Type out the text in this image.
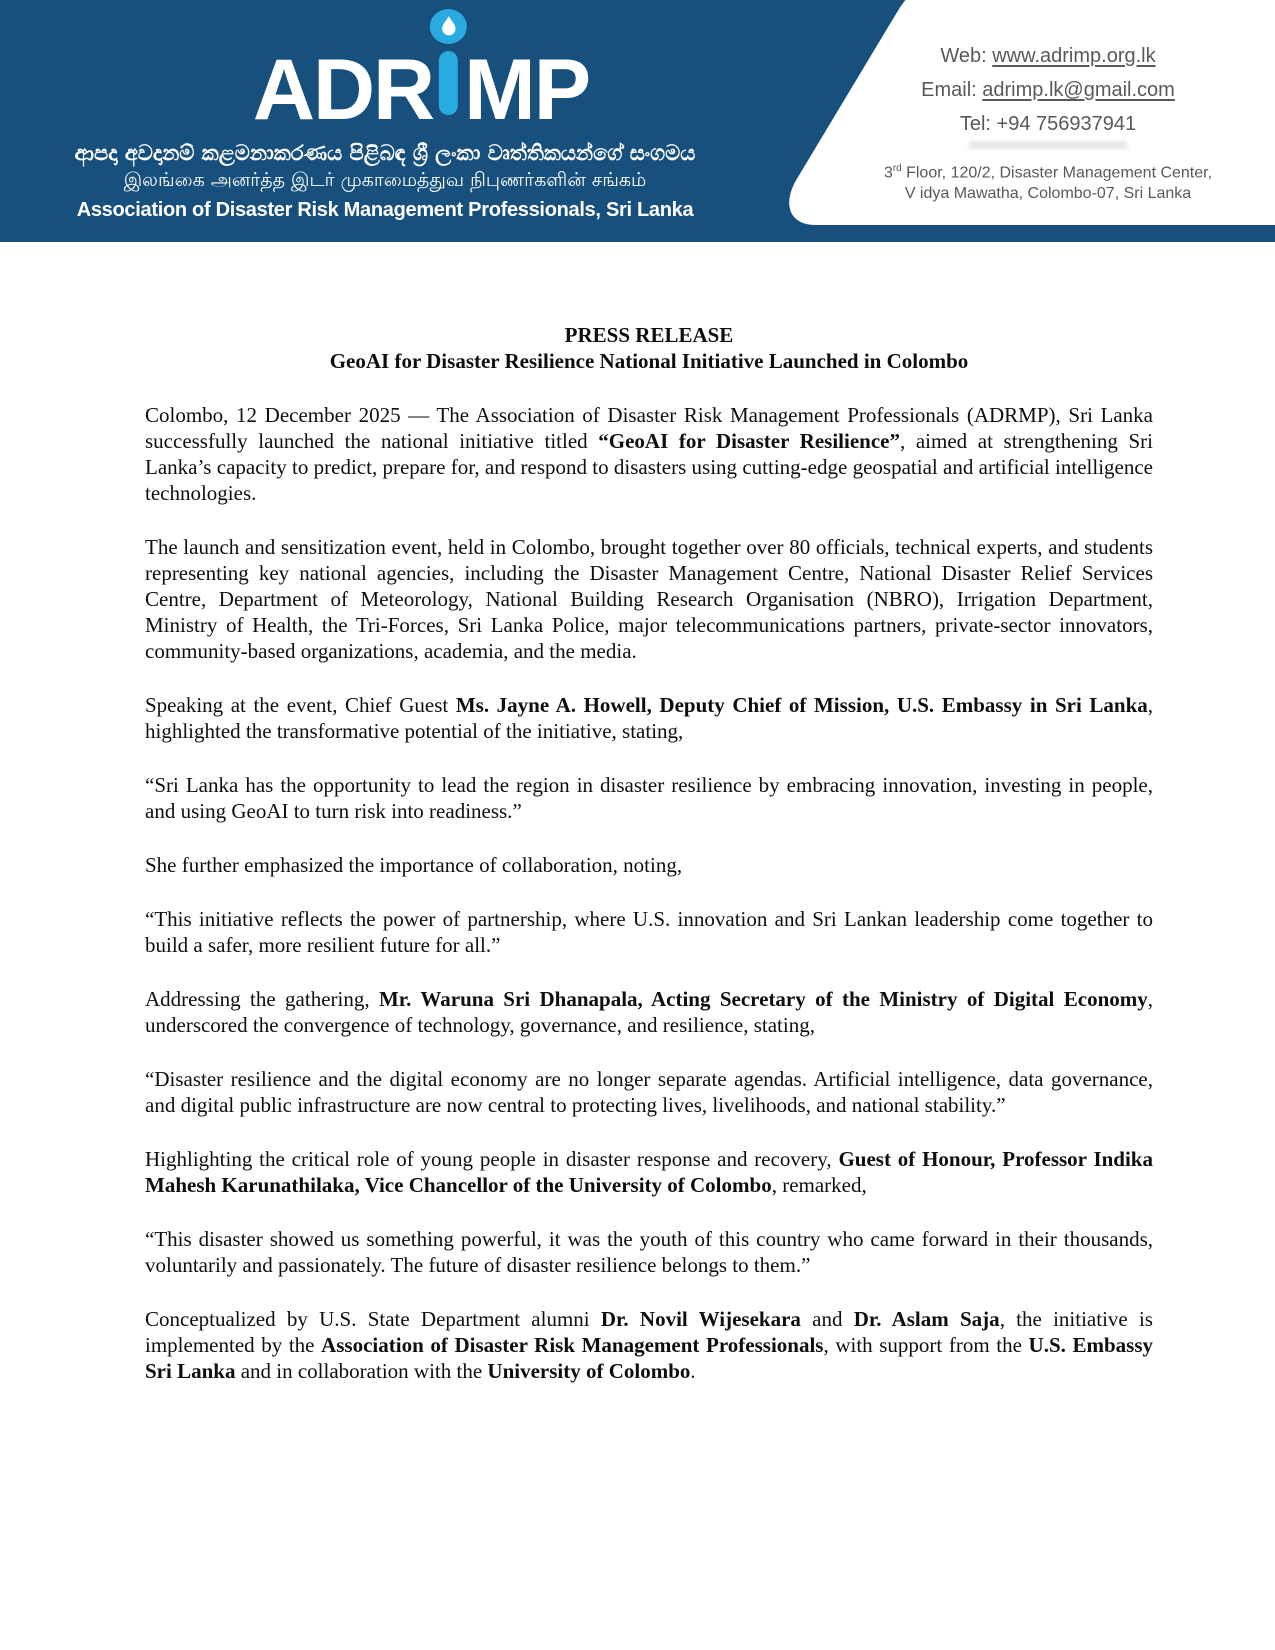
AD R MP
ආපදා අවදානම් කළමනාකරණය පිළිබඳ ශ්‍රී ලංකා වෘත්තිකයන්ගේ සංගමය
இலங்கை அனர்த்த இடர் முகாமைத்துவ நிபுணர்களின் சங்கம்
Association of Disaster Risk Management Professionals, Sri Lanka
Web: www.adrimp.org.lk
Email: adrimp.lk@gmail.com
Tel: +94 756937941
3rd Floor, 120/2, Disaster Management Center,
V idya Mawatha, Colombo-07, Sri Lanka
PRESS RELEASE
GeoAI for Disaster Resilience National Initiative Launched in Colombo

Colombo, 12 December 2025 — The Association of Disaster Risk Management Professionals (ADRMP), Sri Lanka successfully launched the national initiative titled “GeoAI for Disaster Resilience”, aimed at strengthening Sri Lanka’s capacity to predict, prepare for, and respond to disasters using cutting-edge geospatial and artificial intelligence technologies.

The launch and sensitization event, held in Colombo, brought together over 80 officials, technical experts, and students representing key national agencies, including the Disaster Management Centre, National Disaster Relief Services Centre, Department of Meteorology, National Building Research Organisation (NBRO), Irrigation Department, Ministry of Health, the Tri-Forces, Sri Lanka Police, major telecommunications partners, private-sector innovators, community-based organizations, academia, and the media.

Speaking at the event, Chief Guest Ms. Jayne A. Howell, Deputy Chief of Mission, U.S. Embassy in Sri Lanka, highlighted the transformative potential of the initiative, stating,

“Sri Lanka has the opportunity to lead the region in disaster resilience by embracing innovation, investing in people, and using GeoAI to turn risk into readiness.”

She further emphasized the importance of collaboration, noting,

“This initiative reflects the power of partnership, where U.S. innovation and Sri Lankan leadership come together to build a safer, more resilient future for all.”

Addressing the gathering, Mr. Waruna Sri Dhanapala, Acting Secretary of the Ministry of Digital Economy, underscored the convergence of technology, governance, and resilience, stating,

“Disaster resilience and the digital economy are no longer separate agendas. Artificial intelligence, data governance, and digital public infrastructure are now central to protecting lives, livelihoods, and national stability.”

Highlighting the critical role of young people in disaster response and recovery, Guest of Honour, Professor Indika Mahesh Karunathilaka, Vice Chancellor of the University of Colombo, remarked,

“This disaster showed us something powerful, it was the youth of this country who came forward in their thousands, voluntarily and passionately. The future of disaster resilience belongs to them.”

Conceptualized by U.S. State Department alumni Dr. Novil Wijesekara and Dr. Aslam Saja, the initiative is implemented by the Association of Disaster Risk Management Professionals, with support from the U.S. Embassy Sri Lanka and in collaboration with the University of Colombo.
